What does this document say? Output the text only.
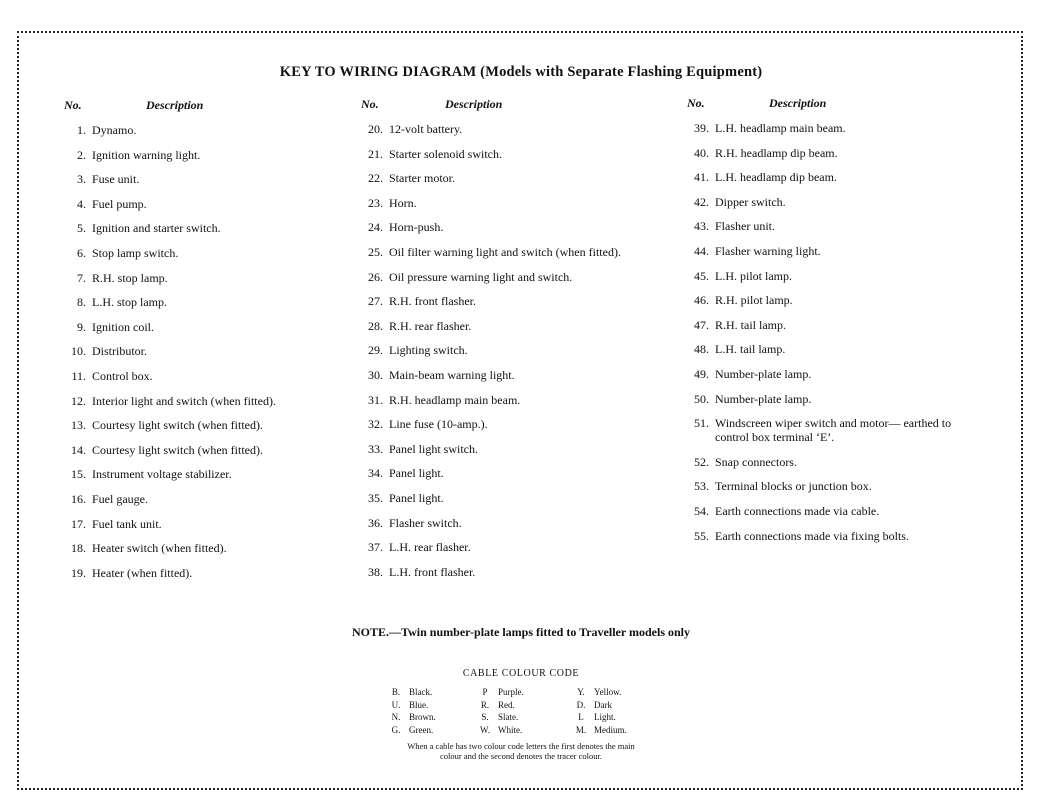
KEY TO WIRING DIAGRAM (Models with Separate Flashing Equipment)
No.	Description
1. Dynamo.
2. Ignition warning light.
3. Fuse unit.
4. Fuel pump.
5. Ignition and starter switch.
6. Stop lamp switch.
7. R.H. stop lamp.
8. L.H. stop lamp.
9. Ignition coil.
10. Distributor.
11. Control box.
12. Interior light and switch (when fitted).
13. Courtesy light switch (when fitted).
14. Courtesy light switch (when fitted).
15. Instrument voltage stabilizer.
16. Fuel gauge.
17. Fuel tank unit.
18. Heater switch (when fitted).
19. Heater (when fitted).
No.	Description
20. 12-volt battery.
21. Starter solenoid switch.
22. Starter motor.
23. Horn.
24. Horn-push.
25. Oil filter warning light and switch (when fitted).
26. Oil pressure warning light and switch.
27. R.H. front flasher.
28. R.H. rear flasher.
29. Lighting switch.
30. Main-beam warning light.
31. R.H. headlamp main beam.
32. Line fuse (10-amp.).
33. Panel light switch.
34. Panel light.
35. Panel light.
36. Flasher switch.
37. L.H. rear flasher.
38. L.H. front flasher.
No.	Description
39. L.H. headlamp main beam.
40. R.H. headlamp dip beam.
41. L.H. headlamp dip beam.
42. Dipper switch.
43. Flasher unit.
44. Flasher warning light.
45. L.H. pilot lamp.
46. R.H. pilot lamp.
47. R.H. tail lamp.
48. L.H. tail lamp.
49. Number-plate lamp.
50. Number-plate lamp.
51. Windscreen wiper switch and motor— earthed to control box terminal ‘E’.
52. Snap connectors.
53. Terminal blocks or junction box.
54. Earth connections made via cable.
55. Earth connections made via fixing bolts.
NOTE.—Twin number-plate lamps fitted to Traveller models only
CABLE COLOUR CODE
B. Black.
U. Blue.
N. Brown.
G. Green.
P	Purple.
R. Red.
S.	Slate.
W. White.
Y.	Yellow.
D. Dark
L	Light.
M. Medium.
When a cable has two colour code letters the first denotes the main
colour and the second denotes the tracer colour.
